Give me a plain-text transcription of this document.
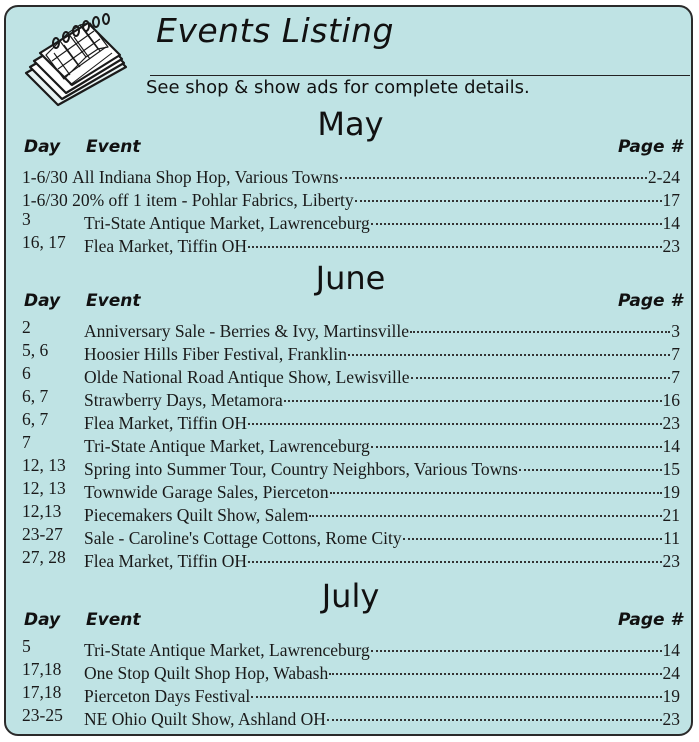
Events Listing
See shop & show ads for complete details.
May
Day Event	Page #
1-6/30 All Indiana Shop Hop, Various Towns	2-24
1-6/30 20% off 1 item - Pohlar Fabrics, Liberty	17
3	Tri-State Antique Market, Lawrenceburg	14
16, 17 Flea Market, Tiffin OH	23
June
Day Event	Page #
2	Anniversary Sale - Berries & Ivy, Martinsville	3
5, 6 Hoosier Hills Fiber Festival, Franklin	7
6	Olde National Road Antique Show, Lewisville	7
6, 7 Strawberry Days, Metamora	16
6, 7 Flea Market, Tiffin OH	23
7	Tri-State Antique Market, Lawrenceburg	14
12, 13 Spring into Summer Tour, Country Neighbors, Various Towns	15
12, 13 Townwide Garage Sales, Pierceton	19
12,13 Piecemakers Quilt Show, Salem	21
23-27 Sale - Caroline's Cottage Cottons, Rome City	11
27, 28 Flea Market, Tiffin OH	23
July
Day Event	Page #
5	Tri-State Antique Market, Lawrenceburg	14
17,18 One Stop Quilt Shop Hop, Wabash	24
17,18 Pierceton Days Festival	19
23-25 NE Ohio Quilt Show, Ashland OH	23
